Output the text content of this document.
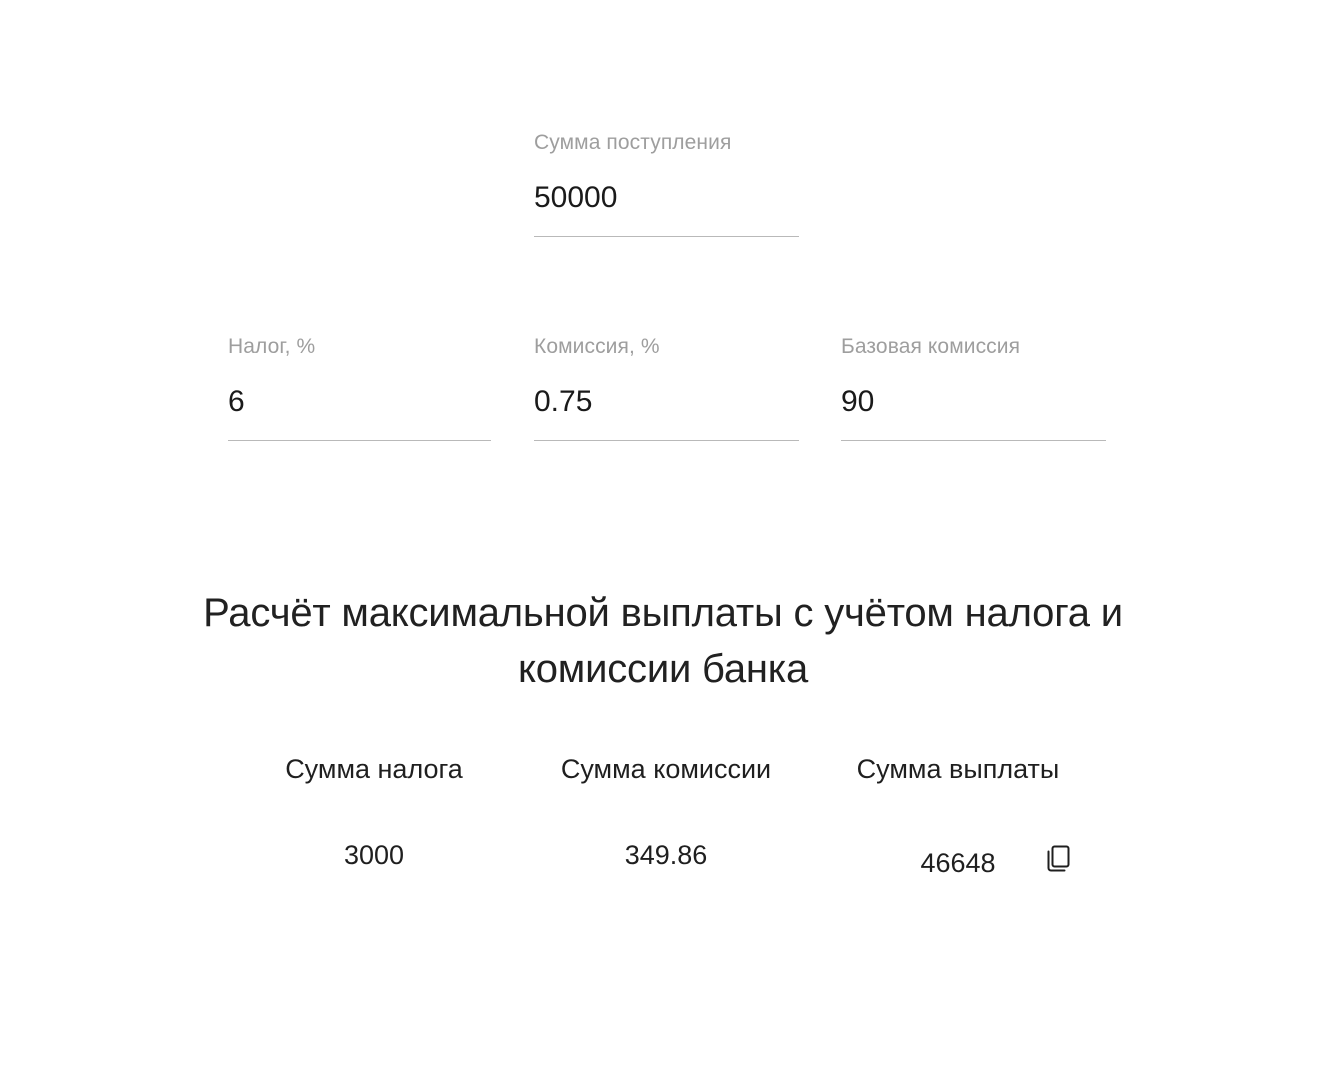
Сумма поступления
50000
Налог, %
6
Комиссия, %
0.75
Базовая комиссия
90
Расчёт максимальной выплаты с учётом налога и комиссии банка
Сумма налога
3000
Сумма комиссии
349.86
Сумма выплаты
46648
